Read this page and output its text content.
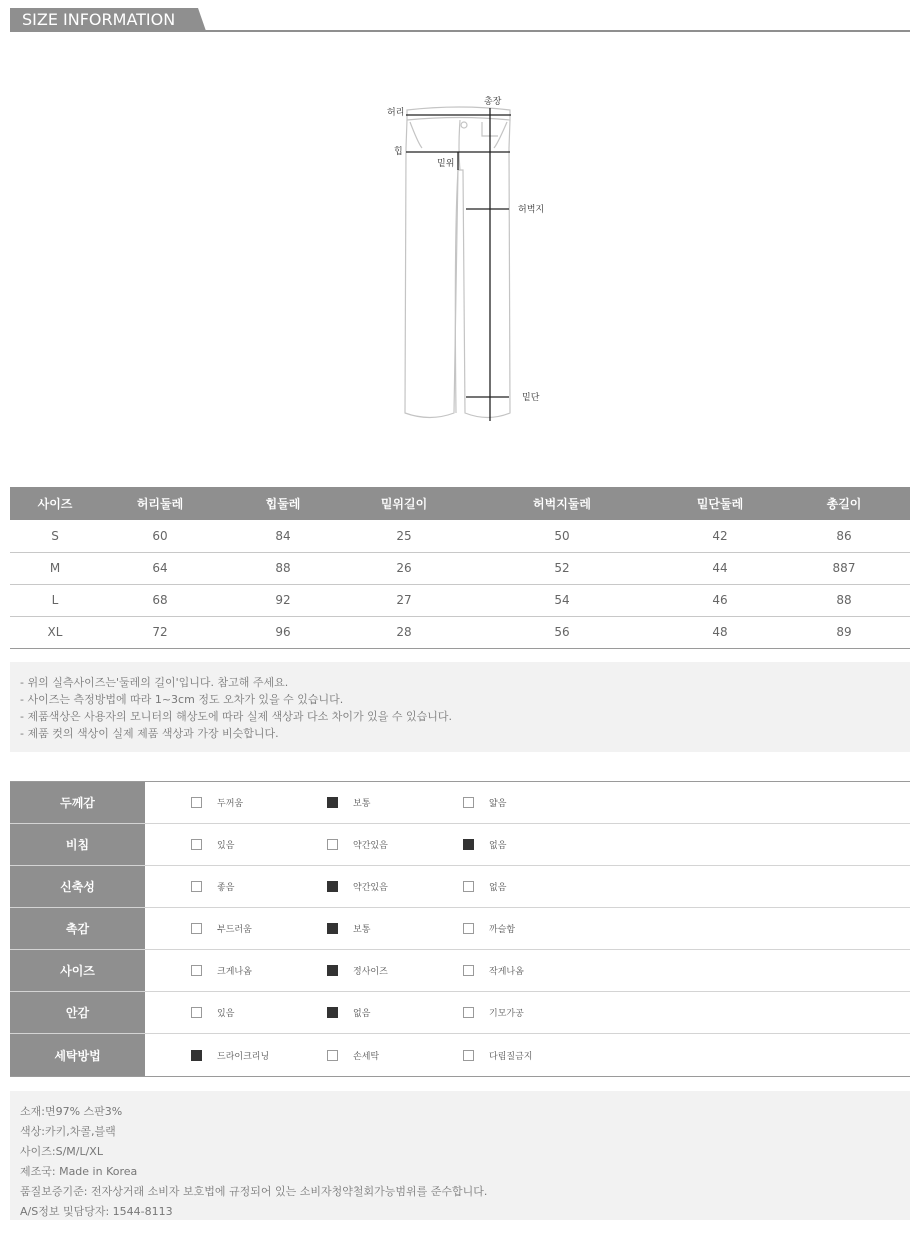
SIZE INFORMATION
허리
총장
힙
밑위
허벅지
밑단
사이즈	허리둘레	힙둘레	밑위길이	허벅지둘레	밑단둘레	총길이
S	60	84	25	50	42	86
M	64	88	26	52	44	887
L	68	92	27	54	46	88
XL	72	96	28	56	48	89
- 위의 실측사이즈는'둘레의 길이'입니다. 참고해 주세요.
- 사이즈는 측정방법에 따라 1~3cm 정도 오차가 있을 수 있습니다.
- 제품색상은 사용자의 모니터의 해상도에 따라 실제 색상과 다소 차이가 있을 수 있습니다.
- 제품 컷의 색상이 실제 제품 색상과 가장 비슷합니다.
두께감	두꺼움	보통	얇음
비침	있음	약간있음	없음
신축성	좋음	약간있음	없음
촉감	부드러움	보통	까슬함
사이즈	크게나옴	정사이즈	작게나옴
안감	있음	없음	기모가공
세탁방법	드라이크리닝	손세탁	다림질금지
소재:면97% 스판3%
색상:카키,차콜,블랙
사이즈:S/M/L/XL
제조국: Made in Korea
품질보증기준: 전자상거래 소비자 보호법에 규정되어 있는 소비자청약철회가능범위를 준수합니다.
A/S정보 및담당자: 1544-8113
